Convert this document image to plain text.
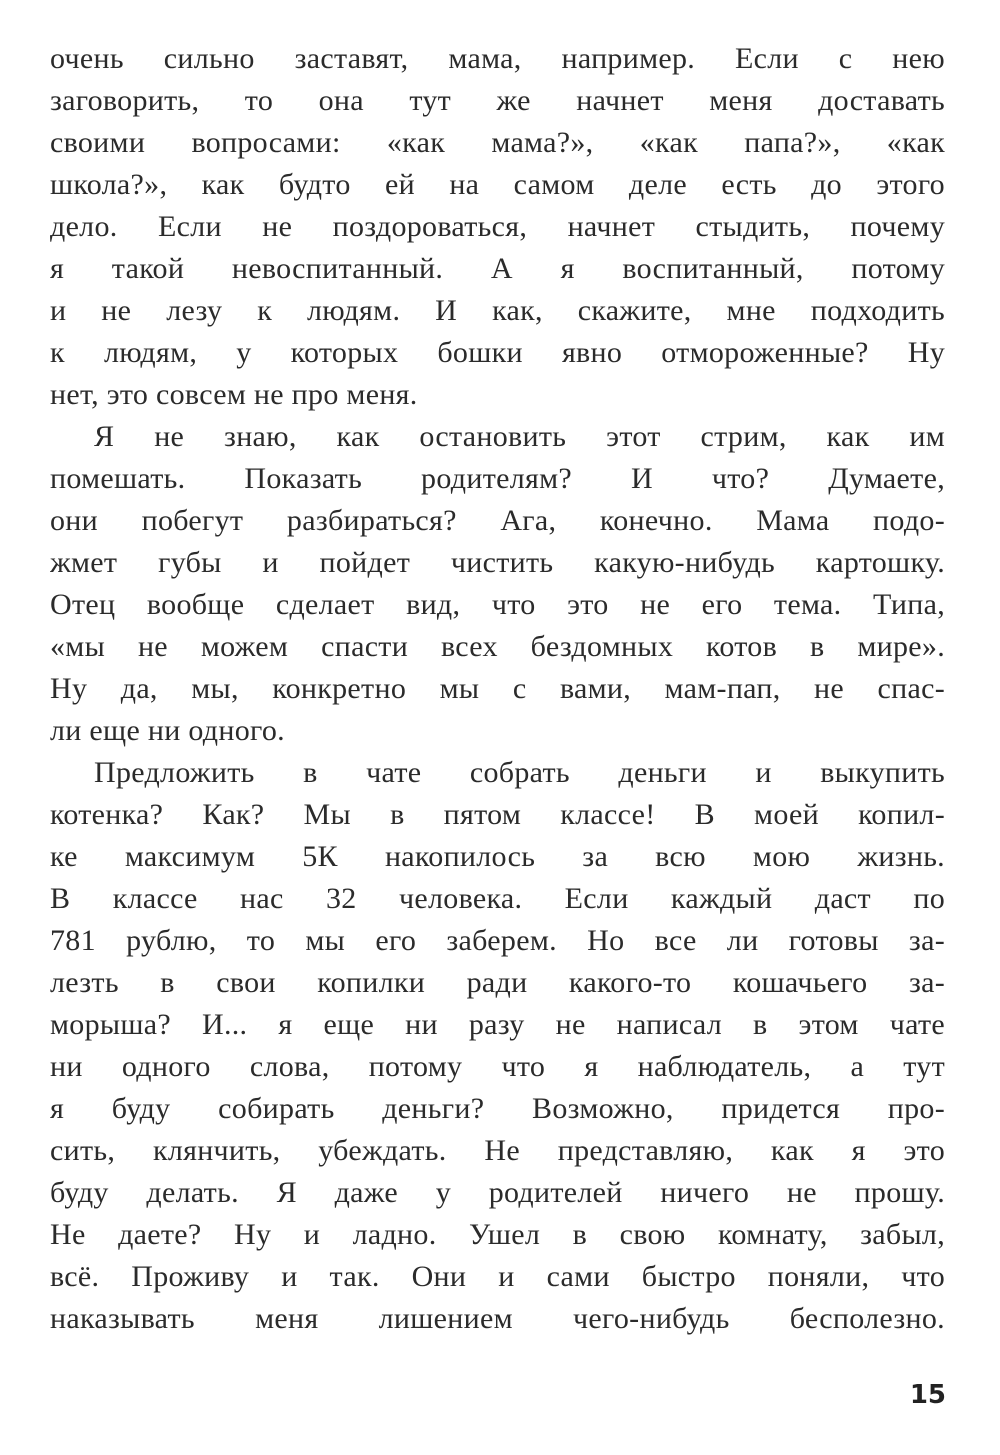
очень сильно заставят, мама, например. Если с нею
заговорить, то она тут же начнет меня доставать
своими вопросами: «как мама?», «как папа?», «как
школа?», как будто ей на самом деле есть до этого
дело. Если не поздороваться, начнет стыдить, почему
я такой невоспитанный. А я воспитанный, потому
и не лезу к людям. И как, скажите, мне подходить
к людям, у которых бошки явно отмороженные? Ну
нет, это совсем не про меня.
Я не знаю, как остановить этот стрим, как им
помешать. Показать родителям? И что? Думаете,
они побегут разбираться? Ага, конечно. Мама подо-
жмет губы и пойдет чистить какую-нибудь картошку.
Отец вообще сделает вид, что это не его тема. Типа,
«мы не можем спасти всех бездомных котов в мире».
Ну да, мы, конкретно мы с вами, мам-пап, не спас-
ли еще ни одного.
Предложить в чате собрать деньги и выкупить
котенка? Как? Мы в пятом классе! В моей копил-
ке максимум 5К накопилось за всю мою жизнь.
В классе нас 32 человека. Если каждый даст по
781 рублю, то мы его заберем. Но все ли готовы за-
лезть в свои копилки ради какого-то кошачьего за-
морыша? И... я еще ни разу не написал в этом чате
ни одного слова, потому что я наблюдатель, а тут
я буду собирать деньги? Возможно, придется про-
сить, клянчить, убеждать. Не представляю, как я это
буду делать. Я даже у родителей ничего не прошу.
Не даете? Ну и ладно. Ушел в свою комнату, забыл,
всё. Проживу и так. Они и сами быстро поняли, что
наказывать меня лишением чего-нибудь бесполезно.
15
